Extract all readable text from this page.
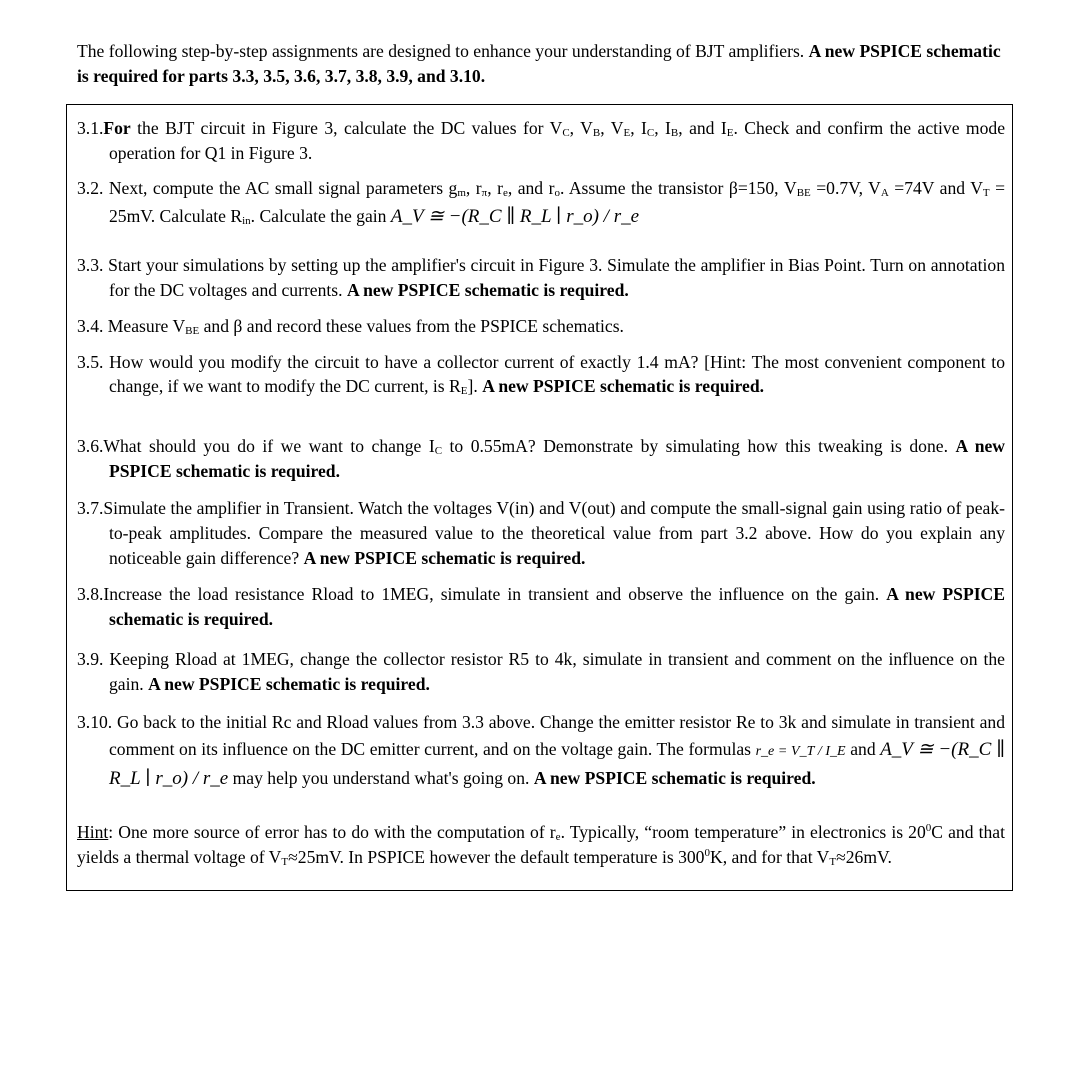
The following step-by-step assignments are designed to enhance your understanding of BJT amplifiers. A new PSPICE schematic is required for parts 3.3, 3.5, 3.6, 3.7, 3.8, 3.9, and 3.10.
3.1.For the BJT circuit in Figure 3, calculate the DC values for $V_C$, $V_B$, $V_E$, $I_C$, $I_B$, and $I_E$. Check and confirm the active mode operation for Q1 in Figure 3.
3.2. Next, compute the AC small signal parameters $g_m$, $r_\pi$, $r_e$, and $r_o$. Assume the transistor β=150, $V_{BE} =0.7V$, $V_A =74V$ and $V_T = 25mV$. Calculate $R_{in}$. Calculate the gain A_V ≅ −(R_C ∥ R_L ∣ r_o) / r_e
3.3. Start your simulations by setting up the amplifier's circuit in Figure 3. Simulate the amplifier in Bias Point. Turn on annotation for the DC voltages and currents. A new PSPICE schematic is required.
3.4. Measure $V_{BE}$ and β and record these values from the PSPICE schematics.
3.5. How would you modify the circuit to have a collector current of exactly 1.4 mA? [Hint: The most convenient component to change, if we want to modify the DC current, is $R_E$]. A new PSPICE schematic is required.
3.6.What should you do if we want to change $I_C$ to 0.55mA? Demonstrate by simulating how this tweaking is done. A new PSPICE schematic is required.
3.7.Simulate the amplifier in Transient. Watch the voltages V(in) and V(out) and compute the small-signal gain using ratio of peak-to-peak amplitudes. Compare the measured value to the theoretical value from part 3.2 above. How do you explain any noticeable gain difference? A new PSPICE schematic is required.
3.8.Increase the load resistance Rload to 1MEG, simulate in transient and observe the influence on the gain. A new PSPICE schematic is required.
3.9. Keeping Rload at 1MEG, change the collector resistor R5 to 4k, simulate in transient and comment on the influence on the gain. A new PSPICE schematic is required.
3.10. Go back to the initial Rc and Rload values from 3.3 above. Change the emitter resistor Re to 3k and simulate in transient and comment on its influence on the DC emitter current, and on the voltage gain. The formulas r_e = V_T / I_E and A_V ≅ −(R_C ∥ R_L ∣ r_o) / r_e may help you understand what's going on. A new PSPICE schematic is required.
Hint: One more source of error has to do with the computation of $r_e$. Typically, “room temperature” in electronics is $20^0C$ and that yields a thermal voltage of $V_T\approx 25mV$. In PSPICE however the default temperature is $300^0K$, and for that $V_T\approx 26mV$.
